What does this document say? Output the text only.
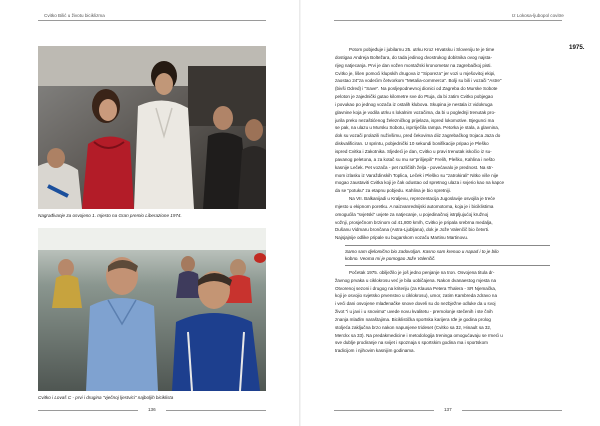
Cvitko Bilić u životu biciklizma
Nagrađivanje za osvojeno 1. mjesto na Gran premio Liberazione 1974.
Cvitko i Lovaš C - prvi i drugina "vječnoj ljestvici" najboljih biciklista
136
Iz Lokosa-ljubopol covitre

Potom pobjeđuje i jubilarnu 25. utrku Kroz Hrvatsku i Sloveniju te je time

dostigao Andreja Boltežara, do tada jedinog dvostrukog dobitnika ovog najsta-

rijeg natjecanja. Prvi je dan vožen montažski kronometar na zagrebačkoj pisti.

Cvitko je, lišen pomoći klupskih drugova iz "Siporeza" jer vozi u mješovitoj ekipi,

zaostao 24"za vodećim četvorkom "Metalia-commerca". Bolji su bili i vozači "Astre"

(bivši Odred) i "Save". Na posljepodnevnoj dionici od Zagreba do Murske Sobote

peloton je zajednički gutao kilometre sve do Ptuja, da bi zatim Cvitko pobjegao

i povukao po jednog vozača iz ostalih klubova. Skupina je nestala iz vidokruga

glavnine koja je vodila utrku s lokalnim vozačima, da bi u poglednji trenutak pro-

jurila preko nezaštićenog železničkog prijelaza, ispred lokomotive. Bjegunci ma

se pak, na ulazu u Mursku Sobotu, isprriječila rampa. Petorka je stala, a glavnina,

dok su vozači prolazili nuživšimu, pred čekovima diiz zagrebačkog trojaca Jaza do

diskvalificiran. U sprintu, pobjednički 10 sekundi bonifikacije pripao je Pleško

ispred Cvitka i Zakotnika. Sljedeći je dan, Cvitko u pravi trenutak iskočio iz su-

pavanog peletona, a za kotač su mu se"prilijepili" Frelih, Pleško, Kahlina i nešto

kasnije Leček. Pet vozača - pet različitih željа - povećavalo je prednost. Na str-

mom izlasku iz Varaždinskih Toplica, Leček i Pleško su "zatrokirali" Nitko više nije

mogao zaustaviti Cvitka koji je čak odustao od spretnog ulaza i svjerio kao na kapce

da se "potuku" za etapnu pobjedu. Kahlina je bio spretniji.

Na VII. Balkanijadi u Kraljevu, reprezentacija Jugoslavije osvojila je treće

mjesto u ekipnom poretku. A naizvanrednijski automotoma, koja je i biciklistima

omogućila "svjetski" uvjete za natjecanje, u pojedinačnoj istrpljujućoj kružnoj

vožnji, prosječnom brzinom od 41,800 km/h, Cvitko je pripala srebrna medalja,

Dušanu Vidmaru brončana (Astra-Ljubljana), dok je Jože Valenčič bio četvrti.

Najsjajnije odlike pripale su bugarskom vozaču Martinu Martinovu.

Samo sam djelomično bio zadovoljan. Kasno sam krenuo u napad i to je bilo

kobno. Veoma mi je pomogao Jože Valenčič.

Početak 1975. obilježilo je još jedno penjanje na tron. Osvojena titula dr-

žavnog prvaka u ciklokrosu već je bila uobičajena. Nakon dvanaestog mjesta na

Otvorenoj sezoni i drugog na kriteriju (za Klausa Petera Thalera - SR Njemačka,

koji je osvojio svjetsko prvenstvo u ciklokrosu), umor, zatim Kambreda zdravo na

i veći dani osvojene mlađenačke snove doveli su do nezbježne odluke da u svoj

život "i u javi i u snovima" uvede novu kvalitetu - premolonje stečenih i ste čnih

znanja mlađim naraštajima. Biciklistička sportska karijera rđe je godina prolog

stoljeća zaključna brzo nakon napunjene trideset (Cvitko sa 32, Hinault sa 32,

Merckx sa 33). Na predakmedicine i metodologija treninga omogućavaju se rmeći u

sve dublje prodiranje na svijet i spoznaja s sportskim godina ma i sportskom

tradicijom i njihovim kasnijim godinama.

137
1975.
